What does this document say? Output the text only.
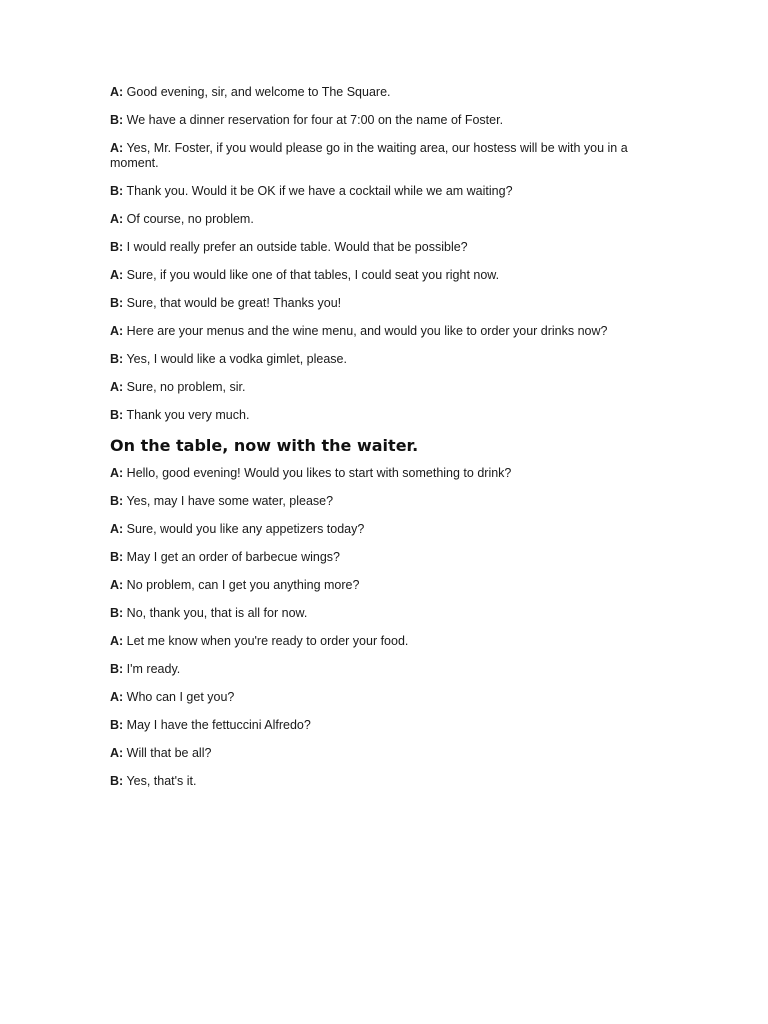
A: Good evening, sir, and welcome to The Square.

B: We have a dinner reservation for four at 7:00 on the name of Foster.

A: Yes, Mr. Foster, if you would please go in the waiting area, our hostess will be with you in a moment.

B: Thank you. Would it be OK if we have a cocktail while we am waiting?

A: Of course, no problem.

B: I would really prefer an outside table. Would that be possible?

A: Sure, if you would like one of that tables, I could seat you right now.

B: Sure, that would be great! Thanks you!

A: Here are your menus and the wine menu, and would you like to order your drinks now?

B: Yes, I would like a vodka gimlet, please.

A: Sure, no problem, sir.

B: Thank you very much.

On the table, now with the waiter.

A: Hello, good evening! Would you likes to start with something to drink?

B: Yes, may I have some water, please?

A: Sure, would you like any appetizers today?

B: May I get an order of barbecue wings?

A: No problem, can I get you anything more?

B: No, thank you, that is all for now.

A: Let me know when you're ready to order your food.

B: I'm ready.

A: Who can I get you?

B: May I have the fettuccini Alfredo?

A: Will that be all?

B: Yes, that's it.
